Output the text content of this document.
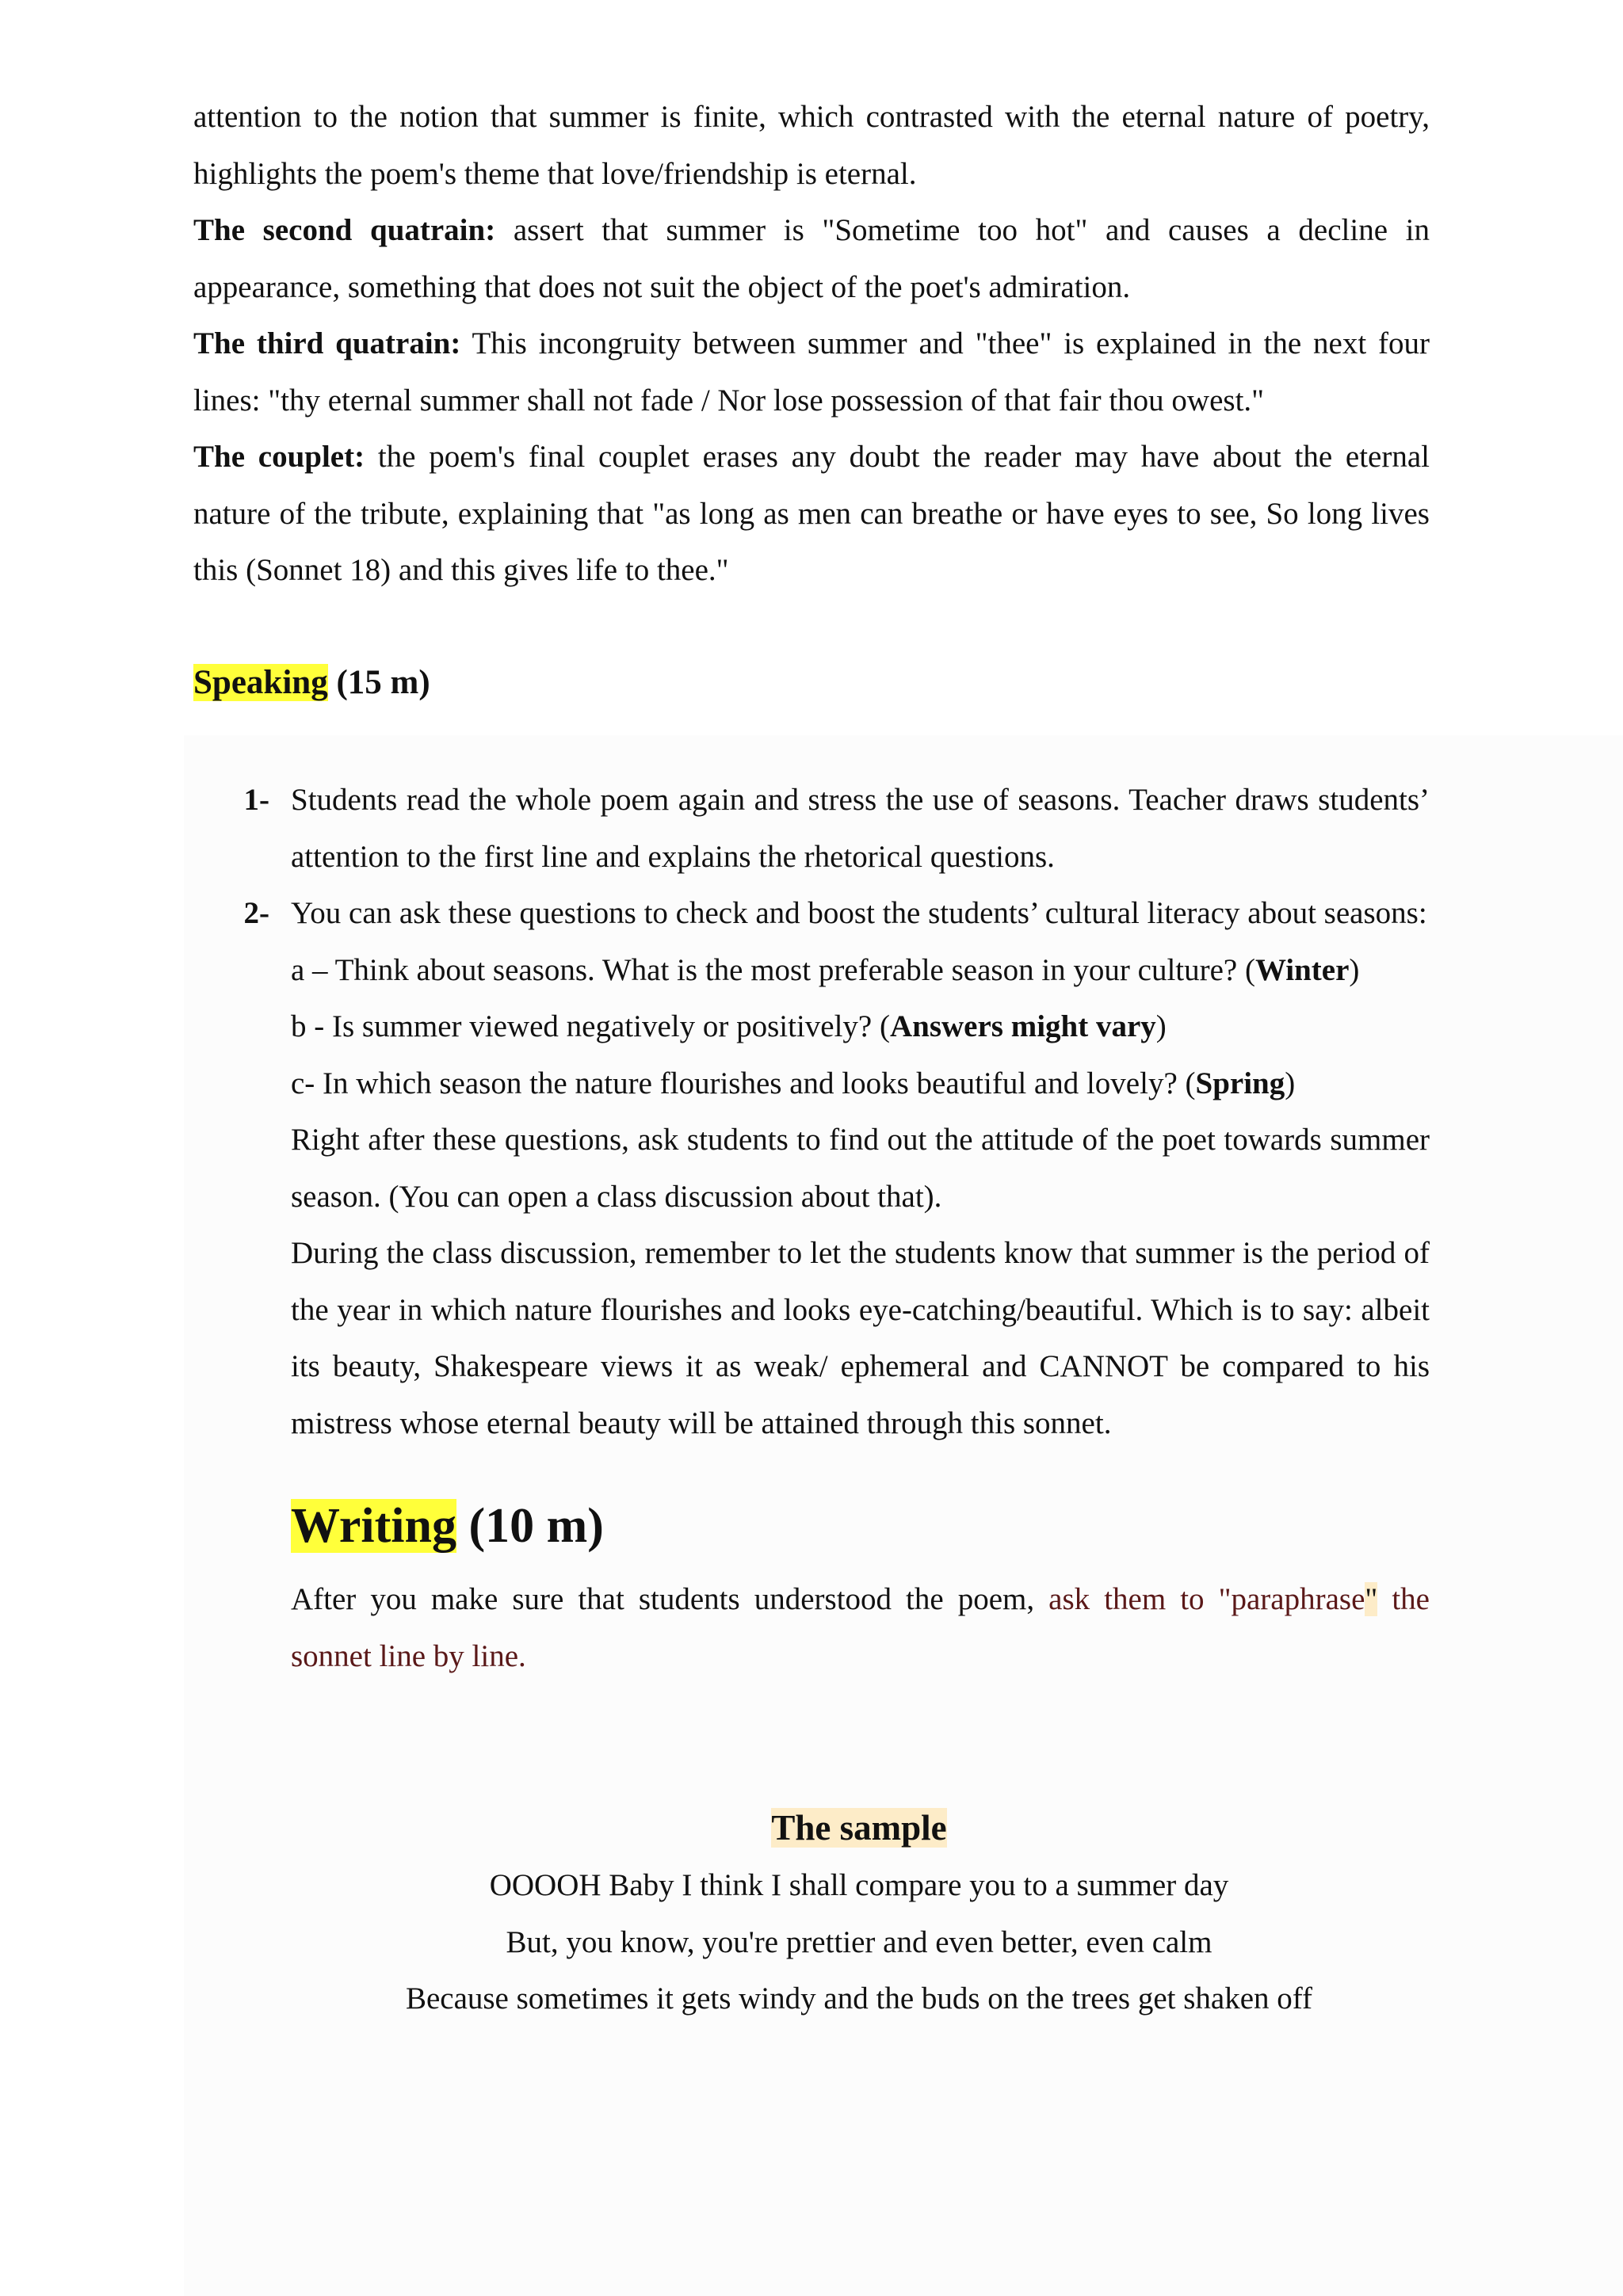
attention to the notion that summer is finite, which contrasted with the eternal nature of poetry, highlights the poem's theme that love/friendship is eternal.

The second quatrain: assert that summer is "Sometime too hot" and causes a decline in appearance, something that does not suit the object of the poet's admiration.

The third quatrain: This incongruity between summer and "thee" is explained in the next four lines: "thy eternal summer shall not fade / Nor lose possession of that fair thou owest."

The couplet: the poem's final couplet erases any doubt the reader may have about the eternal nature of the tribute, explaining that "as long as men can breathe or have eyes to see, So long lives this (Sonnet 18) and this gives life to thee."

Speaking (15 m)
1- Students read the whole poem again and stress the use of seasons. Teacher draws students’ attention to the first line and explains the rhetorical questions.

2- You can ask these questions to check and boost the students’ cultural literacy about seasons:

a – Think about seasons. What is the most preferable season in your culture? (Winter)

b - Is summer viewed negatively or positively? (Answers might vary)

c- In which season the nature flourishes and looks beautiful and lovely? (Spring)

Right after these questions, ask students to find out the attitude of the poet towards summer season. (You can open a class discussion about that).

During the class discussion, remember to let the students know that summer is the period of the year in which nature flourishes and looks eye-catching/beautiful. Which is to say: albeit its beauty, Shakespeare views it as weak/ ephemeral and CANNOT be compared to his mistress whose eternal beauty will be attained through this sonnet.

Writing (10 m)

After you make sure that students understood the poem, ask them to "paraphrase" the sonnet line by line.

The sample

OOOOH Baby I think I shall compare you to a summer day

But, you know, you're prettier and even better, even calm

Because sometimes it gets windy and the buds on the trees get shaken off
